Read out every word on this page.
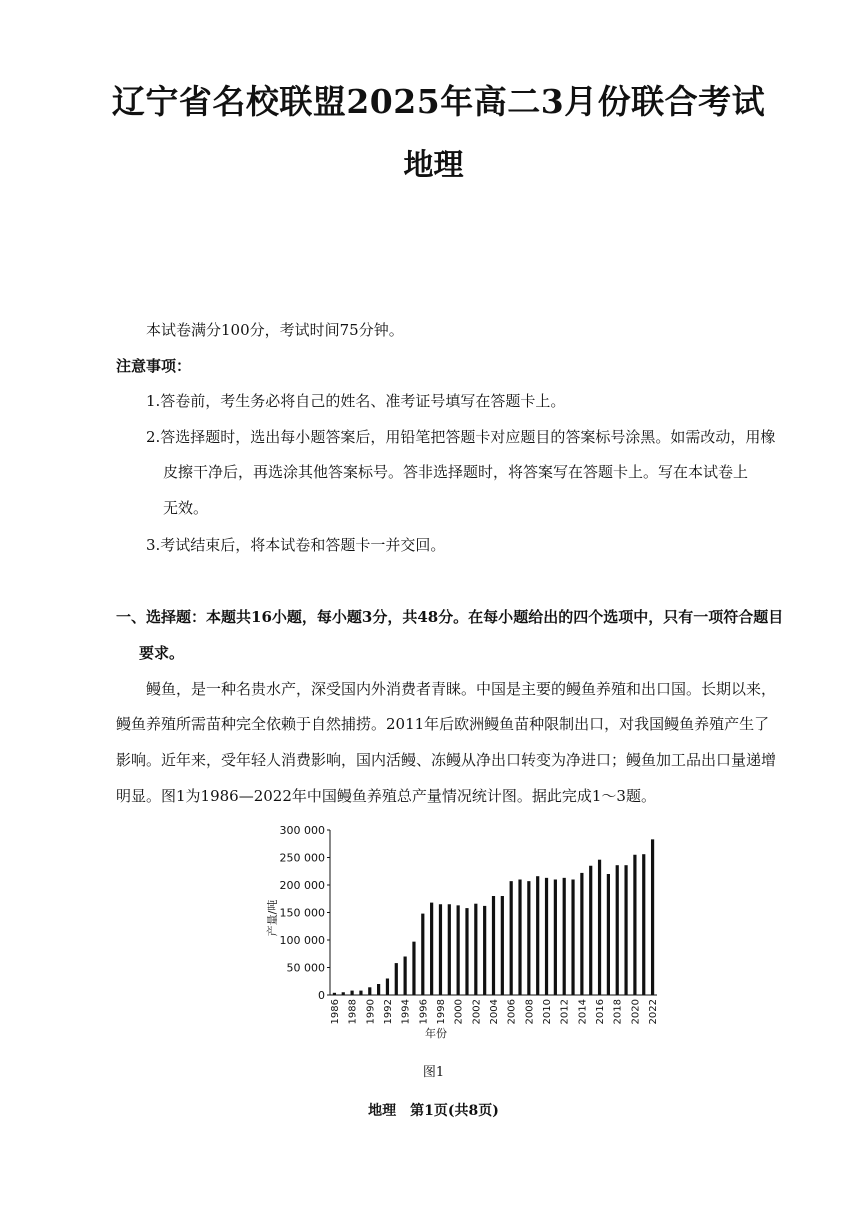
辽宁省名校联盟2025年高二3月份联合考试
地理
本试卷满分100分，考试时间75分钟。
注意事项：
1.答卷前，考生务必将自己的姓名、准考证号填写在答题卡上。
2.答选择题时，选出每小题答案后，用铅笔把答题卡对应题目的答案标号涂黑。如需改动，用橡
皮擦干净后，再选涂其他答案标号。答非选择题时，将答案写在答题卡上。写在本试卷上
无效。
3.考试结束后，将本试卷和答题卡一并交回。
一、选择题：本题共16小题，每小题3分，共48分。在每小题给出的四个选项中，只有一项符合题目
要求。
鳗鱼，是一种名贵水产，深受国内外消费者青睐。中国是主要的鳗鱼养殖和出口国。长期以来，
鳗鱼养殖所需苗种完全依赖于自然捕捞。2011年后欧洲鳗鱼苗种限制出口，对我国鳗鱼养殖产生了
影响。近年来，受年轻人消费影响，国内活鳗、冻鳗从净出口转变为净进口；鳗鱼加工品出口量递增
明显。图1为1986—2022年中国鳗鱼养殖总产量情况统计图。据此完成1～3题。
300 000
250 000
200 000
150 000
100 000
50 000
0
1986 1988 1990 1992 1994 1996 1998 2000 2002 2004 2006 2008 2010 2012 2014 2016 2018 2020 2022
产量/吨
年份
图1
地理　第1页(共8页)
